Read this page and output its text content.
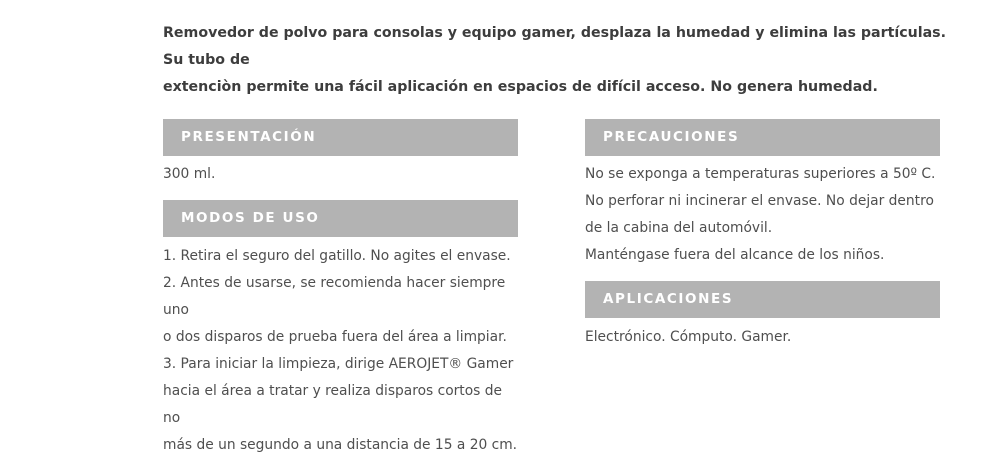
Removedor de polvo para consolas y equipo gamer, desplaza la humedad y elimina las partículas. Su tubo de
extenciòn permite una fácil aplicación en espacios de difícil acceso. No genera humedad.
PRESENTACIÓN

300 ml.

MODOS DE USO

1. Retira el seguro del gatillo. No agites el envase.

2. Antes de usarse, se recomienda hacer siempre uno

o dos disparos de prueba fuera del área a limpiar.

3. Para iniciar la limpieza, dirige AEROJET® Gamer

hacia el área a tratar y realiza disparos cortos de no

más de un segundo a una distancia de 15 a 20 cm.

PRECAUCIONES

No se exponga a temperaturas superiores a 50º C.

No perforar ni incinerar el envase. No dejar dentro

de la cabina del automóvil.

Manténgase fuera del alcance de los niños.

APLICACIONES

Electrónico. Cómputo. Gamer.
